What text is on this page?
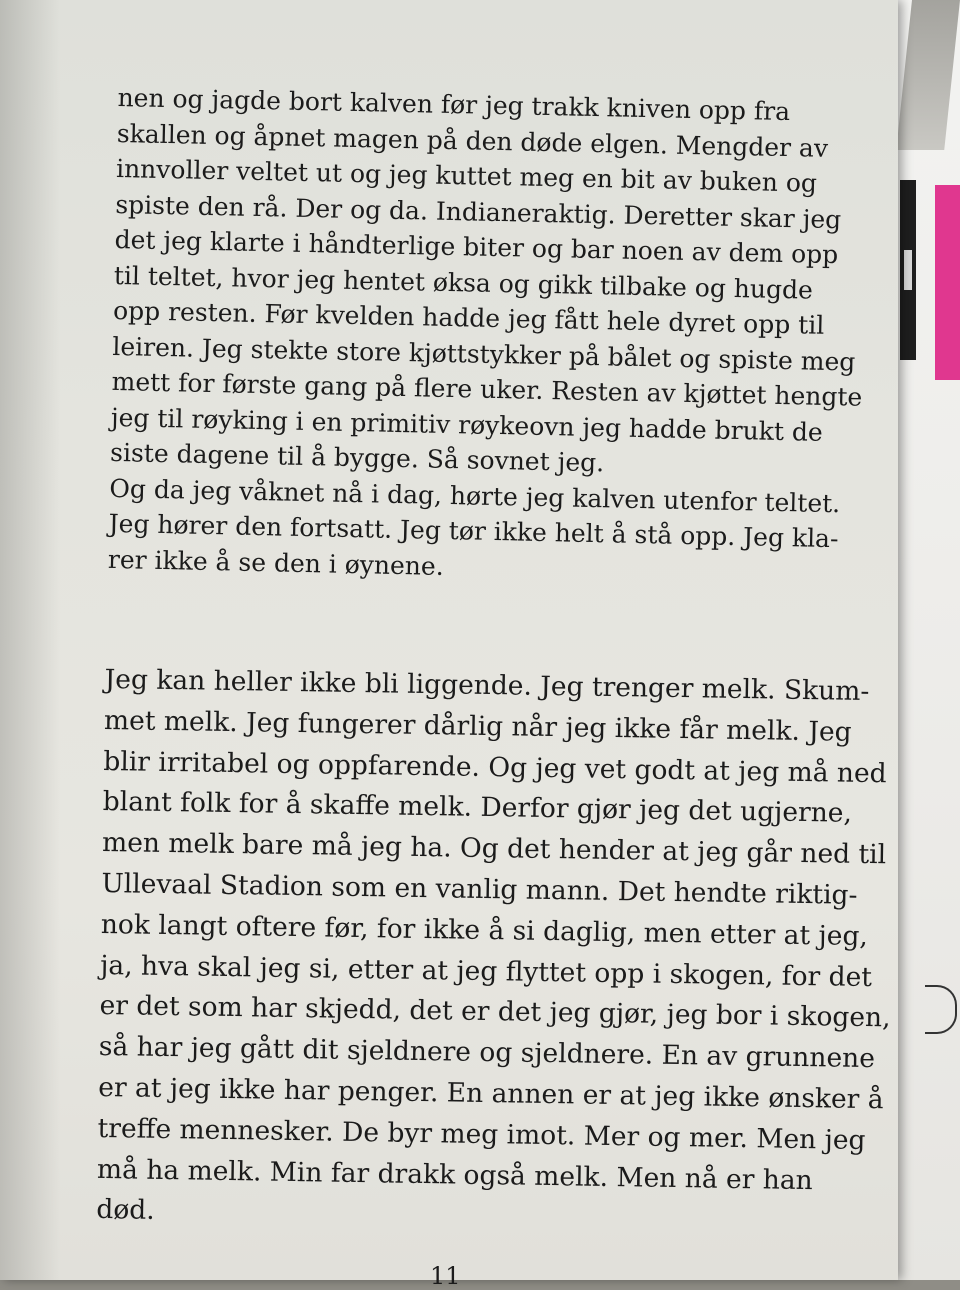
nen og jagde bort kalven før jeg trakk kniven opp fra
skallen og åpnet magen på den døde elgen. Mengder av
innvoller veltet ut og jeg kuttet meg en bit av buken og
spiste den rå. Der og da. Indianeraktig. Deretter skar jeg
det jeg klarte i håndterlige biter og bar noen av dem opp
til teltet, hvor jeg hentet øksa og gikk tilbake og hugde
opp resten. Før kvelden hadde jeg fått hele dyret opp til
leiren. Jeg stekte store kjøttstykker på bålet og spiste meg
mett for første gang på flere uker. Resten av kjøttet hengte
jeg til røyking i en primitiv røykeovn jeg hadde brukt de
siste dagene til å bygge. Så sovnet jeg.
Og da jeg våknet nå i dag, hørte jeg kalven utenfor teltet.
Jeg hører den fortsatt. Jeg tør ikke helt å stå opp. Jeg kla-
rer ikke å se den i øynene.
Jeg kan heller ikke bli liggende. Jeg trenger melk. Skum-
met melk. Jeg fungerer dårlig når jeg ikke får melk. Jeg
blir irritabel og oppfarende. Og jeg vet godt at jeg må ned
blant folk for å skaffe melk. Derfor gjør jeg det ugjerne,
men melk bare må jeg ha. Og det hender at jeg går ned til
Ullevaal Stadion som en vanlig mann. Det hendte riktig-
nok langt oftere før, for ikke å si daglig, men etter at jeg,
ja, hva skal jeg si, etter at jeg flyttet opp i skogen, for det
er det som har skjedd, det er det jeg gjør, jeg bor i skogen,
så har jeg gått dit sjeldnere og sjeldnere. En av grunnene
er at jeg ikke har penger. En annen er at jeg ikke ønsker å
treffe mennesker. De byr meg imot. Mer og mer. Men jeg
må ha melk. Min far drakk også melk. Men nå er han
død.
11
